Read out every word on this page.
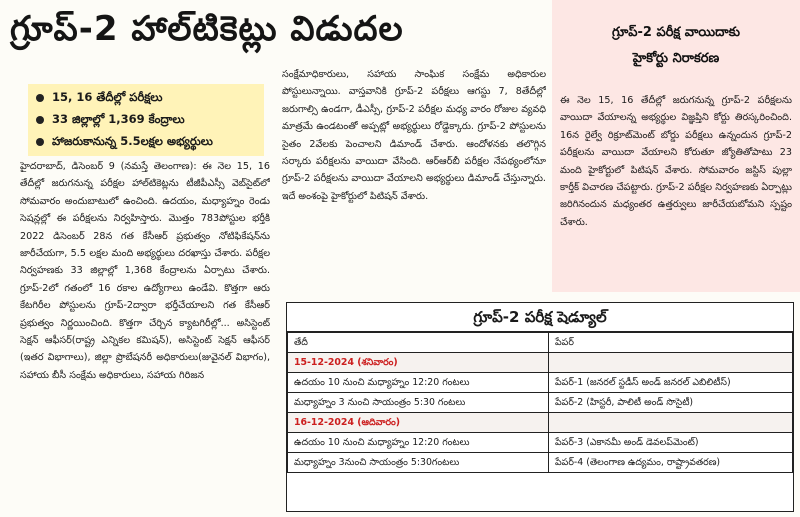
గ్రూప్‌-2 హాల్‌టికెట్లు విడుదల
15, 16 తేదీల్లో పరీక్షలు
33 జిల్లాల్లో 1,369 కేంద్రాలు
హాజరుకానున్న 5.5లక్షల అభ్యర్థులు

హైదరాబాద్‌, డిసెంబర్‌ 9 (నమస్తే తెలంగాణ): ఈ నెల 15, 16 తేదీల్లో జరుగనున్న పరీక్షల హాల్‌టికెట్లను టీజీపీఎస్సీ వెబ్‌సైట్‌లో సోమవారం అందుబాటులో ఉంచింది. ఉదయం, మధ్యాహ్నం రెండు సెషన్లల్లో ఈ పరీక్షలను నిర్వహిస్తారు. మొత్తం 783పోస్టుల భర్తీకి 2022 డిసెంబర్‌ 28న గత కేసీఆర్‌ ప్రభుత్వం నోటిఫికేషన్‌ను జారీచేయగా, 5.5 లక్షల మంది అభ్యర్థులు దరఖాస్తు చేశారు. పరీక్షల నిర్వహణకు 33 జిల్లాల్లో 1,368 కేంద్రాలను ఏర్పాటు చేశారు. గ్రూప్‌-2లో గతంలో 16 రకాల ఉద్యోగాలు ఉండేవి. కొత్తగా ఆరు కేటగిరీల పోస్టులను గ్రూప్‌-2ద్వారా భర్తీచేయాలని గత కేసీఆర్‌ ప్రభుత్వం నిర్ణయించింది. కొత్తగా చేర్చిన క్యాటగిరీల్లో... అసిస్టెంట్‌ సెక్షన్‌ ఆఫీసర్‌(రాష్ట్ర ఎన్నికల కమిషన్‌), అసిస్టెంట్‌ సెక్షన్‌ ఆఫీసర్‌ (ఇతర విభాగాలు), జిల్లా ప్రొబేషనరీ అధికారులు(జువైనల్‌ విభాగం), సహాయ బీసీ సంక్షేమ అధికారులు, సహాయ గిరిజన

సంక్షేమాధికారులు, సహాయ సాంఘిక సంక్షేమ అధికారుల పోస్టులున్నాయి. వాస్తవానికి గ్రూప్‌-2 పరీక్షలు ఆగస్టు 7, 8తేదీల్లో జరుగాల్సి ఉండగా, డీఎస్సీ, గ్రూప్‌-2 పరీక్షల మధ్య వారం రోజుల వ్యవధి మాత్రమే ఉండటంతో అప్పట్లో అభ్యర్థులు రోడ్డెక్కారు. గ్రూప్‌-2 పోస్టులను సైతం 2వేలకు పెంచాలని డిమాండ్‌ చేశారు. ఆందోళనకు తలొగ్గిన సర్కారు పరీక్షలను వాయిదా వేసింది. ఆర్‌ఆర్‌బీ పరీక్షల నేపథ్యంలోనూ గ్రూప్‌-2 పరీక్షలను వాయిదా వేయాలని అభ్యర్థులు డిమాండ్‌ చేస్తున్నారు. ఇదే అంశంపై హైకోర్టులో పిటిషన్‌ వేశారు.

గ్రూప్‌-2 పరీక్ష వాయిదాకు
హైకోర్టు నిరాకరణ
ఈ నెల 15, 16 తేదీల్లో జరుగనున్న గ్రూప్‌-2 పరీక్షలను వాయిదా వేయాలన్న అభ్యర్థుల విజ్ఞప్తిని కోర్టు తిరస్కరించింది. 16న రైల్వే రిక్రూట్‌మెంట్‌ బోర్డు పరీక్షలు ఉన్నందున గ్రూప్‌-2 పరీక్షలను వాయిదా వేయాలని కోరుతూ జ్యోతితోపాటు 23 మంది హైకోర్టులో పిటిషన్‌ వేశారు. సోమవారం జస్టిస్‌ పుల్లా కార్తీక్‌ విచారణ చేపట్టారు. గ్రూప్‌-2 పరీక్షల నిర్వహణకు ఏర్పాట్లు జరిగినందున మధ్యంతర ఉత్తర్వులు జారీచేయబోమని స్పష్టం చేశారు.
గ్రూప్‌-2 పరీక్ష షెడ్యూల్‌
తేదీ	పేపర్‌
15-12-2024 (శనివారం)	
ఉదయం 10 నుంచి మధ్యాహ్నం 12:20 గంటలు	పేపర్‌-1 (జనరల్‌ స్టడీస్‌ అండ్‌ జనరల్‌ ఎబిలిటీస్‌)
మధ్యాహ్నం 3 నుంచి సాయంత్రం 5:30 గంటలు	పేపర్‌-2 (హిస్టరీ, పాలిటీ అండ్‌ సొసైటీ)
16-12-2024 (ఆదివారం)	
ఉదయం 10 నుంచి మధ్యాహ్నం 12:20 గంటలు	పేపర్‌-3 (ఎకానమీ అండ్‌ డెవలప్‌మెంట్‌)
మధ్యాహ్నం 3నుంచి సాయంత్రం 5:30గంటలు	పేపర్‌-4 (తెలంగాణ ఉద్యమం, రాష్ట్రావతరణ)
